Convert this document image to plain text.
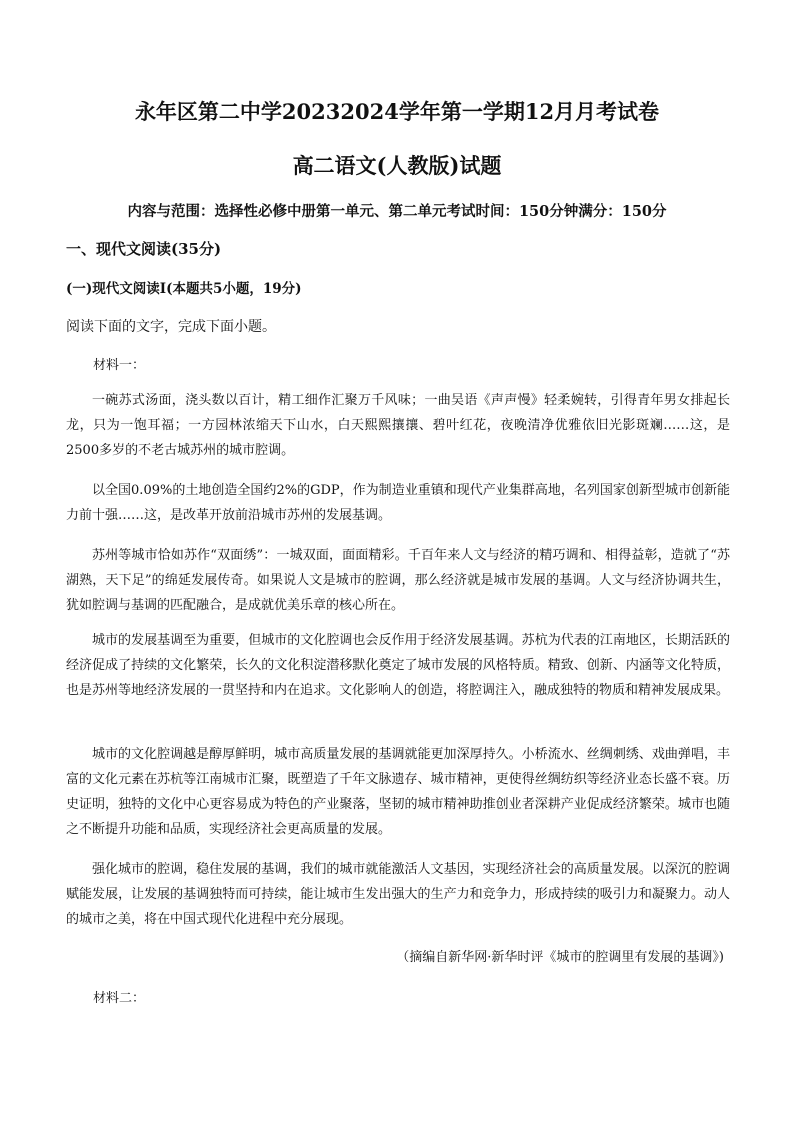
永年区第二中学20232024学年第一学期12月月考试卷
高二语文(人教版)试题
内容与范围：选择性必修中册第一单元、第二单元考试时间：150分钟满分：150分
一、现代文阅读(35分)
(一)现代文阅读Ⅰ(本题共5小题，19分)
阅读下面的文字，完成下面小题。
材料一：
一碗苏式汤面，浇头数以百计，精工细作汇聚万千风味；一曲吴语《声声慢》轻柔婉转，引得青年男女排起长龙，只为一饱耳福；一方园林浓缩天下山水，白天熙熙攘攘、碧叶红花，夜晚清净优雅依旧光影斑斓……这，是2500多岁的不老古城苏州的城市腔调。
以全国0.09%的土地创造全国约2%的GDP，作为制造业重镇和现代产业集群高地，名列国家创新型城市创新能力前十强……这，是改革开放前沿城市苏州的发展基调。
苏州等城市恰如苏作“双面绣”：一城双面，面面精彩。千百年来人文与经济的精巧调和、相得益彰，造就了“苏湖熟，天下足”的绵延发展传奇。如果说人文是城市的腔调，那么经济就是城市发展的基调。人文与经济协调共生，犹如腔调与基调的匹配融合，是成就优美乐章的核心所在。
城市的发展基调至为重要，但城市的文化腔调也会反作用于经济发展基调。苏杭为代表的江南地区，长期活跃的经济促成了持续的文化繁荣，长久的文化积淀潜移默化奠定了城市发展的风格特质。精致、创新、内涵等文化特质，也是苏州等地经济发展的一贯坚持和内在追求。文化影响人的创造，将腔调注入，融成独特的物质和精神发展成果。
城市的文化腔调越是醇厚鲜明，城市高质量发展的基调就能更加深厚持久。小桥流水、丝绸刺绣、戏曲弹唱，丰富的文化元素在苏杭等江南城市汇聚，既塑造了千年文脉遗存、城市精神，更使得丝绸纺织等经济业态长盛不衰。历史证明，独特的文化中心更容易成为特色的产业聚落，坚韧的城市精神助推创业者深耕产业促成经济繁荣。城市也随之不断提升功能和品质，实现经济社会更高质量的发展。
强化城市的腔调，稳住发展的基调，我们的城市就能激活人文基因，实现经济社会的高质量发展。以深沉的腔调赋能发展，让发展的基调独特而可持续，能让城市生发出强大的生产力和竞争力，形成持续的吸引力和凝聚力。动人的城市之美，将在中国式现代化进程中充分展现。
（摘编自新华网·新华时评《城市的腔调里有发展的基调》)
材料二：
